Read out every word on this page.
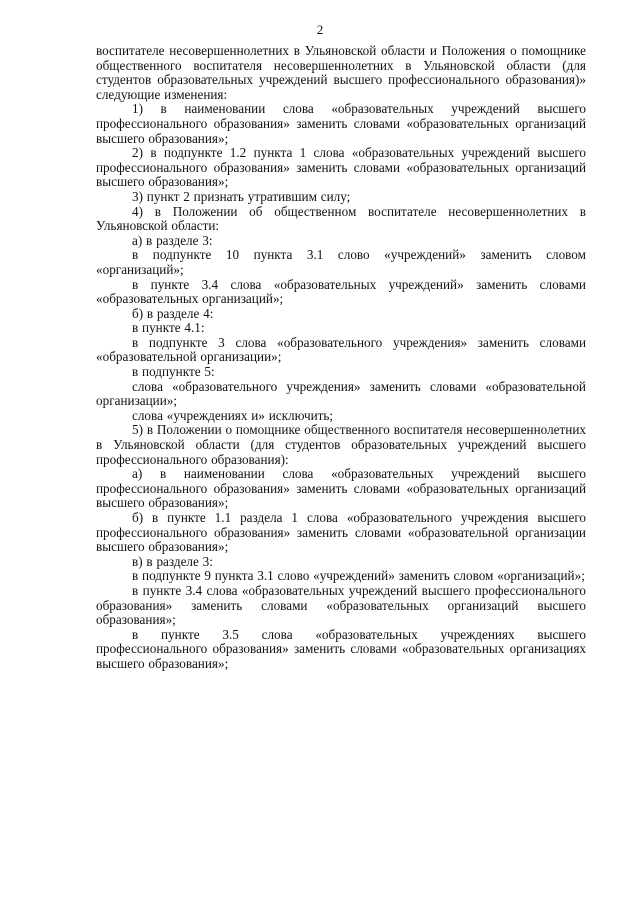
2

воспитателе несовершеннолетних в Ульяновской области и Положения о помощнике общественного воспитателя несовершеннолетних в Ульяновской области (для студентов образовательных учреждений высшего профессионального образования)» следующие изменения:

1) в наименовании слова «образовательных учреждений высшего профессионального образования» заменить словами «образовательных организаций высшего образования»;

2) в подпункте 1.2 пункта 1 слова «образовательных учреждений высшего профессионального образования» заменить словами «образовательных организаций высшего образования»;

3) пункт 2 признать утратившим силу;

4) в Положении об общественном воспитателе несовершеннолетних в Ульяновской области:

а) в разделе 3:

в подпункте 10 пункта 3.1 слово «учреждений» заменить словом «организаций»;

в пункте 3.4 слова «образовательных учреждений» заменить словами «образовательных организаций»;

б) в разделе 4:

в пункте 4.1:

в подпункте 3 слова «образовательного учреждения» заменить словами «образовательной организации»;

в подпункте 5:

слова «образовательного учреждения» заменить словами «образовательной организации»;

слова «учреждениях и» исключить;

5) в Положении о помощнике общественного воспитателя несовершеннолетних в Ульяновской области (для студентов образовательных учреждений высшего профессионального образования):

а) в наименовании слова «образовательных учреждений высшего профессионального образования» заменить словами «образовательных организаций высшего образования»;

б) в пункте 1.1 раздела 1 слова «образовательного учреждения высшего профессионального образования» заменить словами «образовательной организации высшего образования»;

в) в разделе 3:

в подпункте 9 пункта 3.1 слово «учреждений» заменить словом «организаций»;

в пункте 3.4 слова «образовательных учреждений высшего профессионального образования» заменить словами «образовательных организаций высшего образования»;

в пункте 3.5 слова «образовательных учреждениях высшего профессионального образования» заменить словами «образовательных организациях высшего образования»;
